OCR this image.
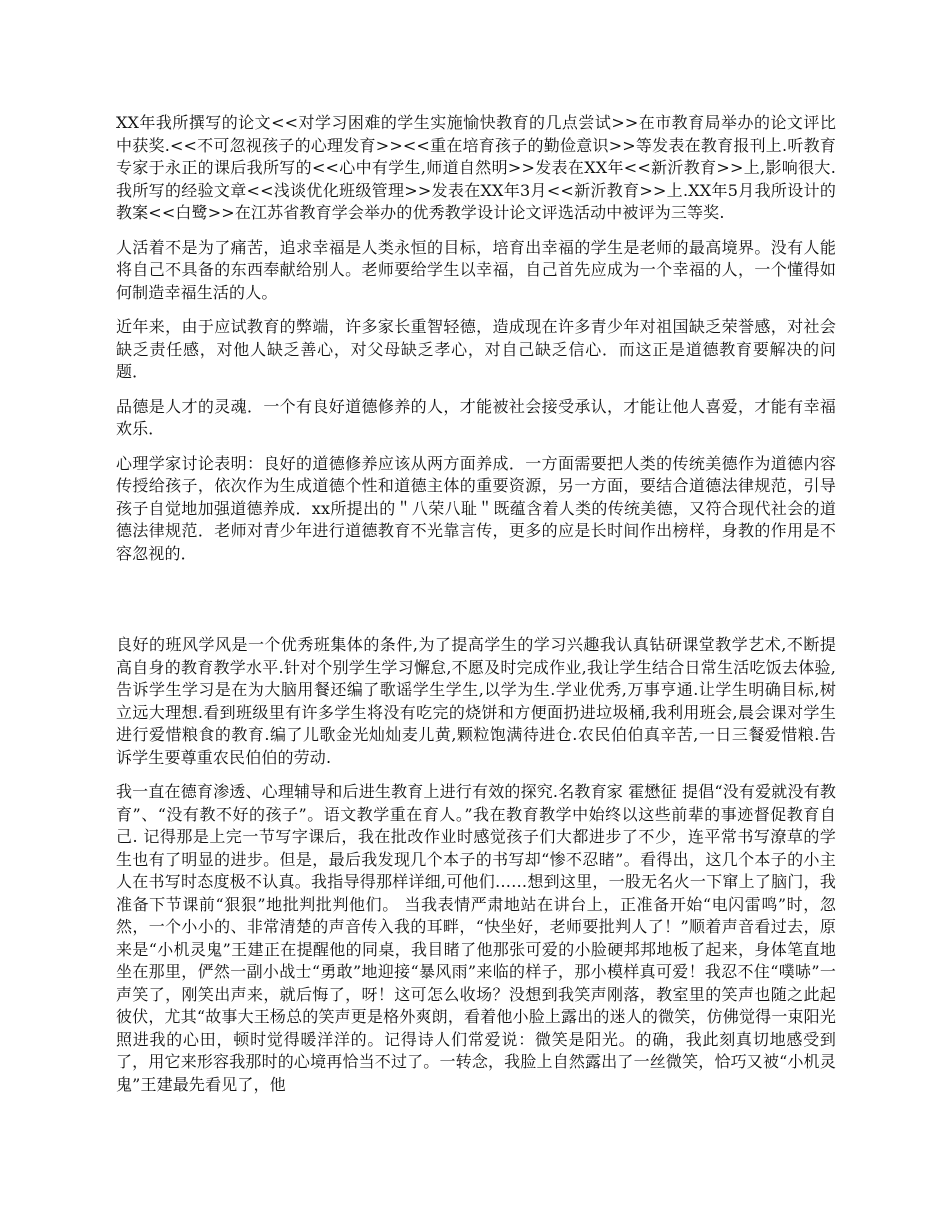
XX年我所撰写的论文<<对学习困难的学生实施愉快教育的几点尝试>>在市教育局举办的论文评比中获奖.<<不可忽视孩子的心理发育>><<重在培育孩子的勤俭意识>>等发表在教育报刊上.听教育专家于永正的课后我所写的<<心中有学生,师道自然明>>发表在XX年<<新沂教育>>上,影响很大.我所写的经验文章<<浅谈优化班级管理>>发表在XX年3月<<新沂教育>>上.XX年5月我所设计的教案<<白鹭>>在江苏省教育学会举办的优秀教学设计论文评选活动中被评为三等奖.

人活着不是为了痛苦，追求幸福是人类永恒的目标，培育出幸福的学生是老师的最高境界。没有人能将自己不具备的东西奉献给别人。老师要给学生以幸福，自己首先应成为一个幸福的人，一个懂得如何制造幸福生活的人。

近年来，由于应试教育的弊端，许多家长重智轻德，造成现在许多青少年对祖国缺乏荣誉感，对社会缺乏责任感，对他人缺乏善心，对父母缺乏孝心，对自己缺乏信心．而这正是道德教育要解决的问题．

品德是人才的灵魂．一个有良好道德修养的人，才能被社会接受承认，才能让他人喜爱，才能有幸福欢乐．

心理学家讨论表明：良好的道德修养应该从两方面养成．一方面需要把人类的传统美德作为道德内容传授给孩子，依次作为生成道德个性和道德主体的重要资源，另一方面，要结合道德法律规范，引导孩子自觉地加强道德养成．xx所提出的＂八荣八耻＂既蕴含着人类的传统美德，又符合现代社会的道德法律规范．老师对青少年进行道德教育不光靠言传，更多的应是长时间作出榜样，身教的作用是不容忽视的．

良好的班风学风是一个优秀班集体的条件,为了提高学生的学习兴趣我认真钻研课堂教学艺术,不断提高自身的教育教学水平.针对个别学生学习懈怠,不愿及时完成作业,我让学生结合日常生活吃饭去体验,告诉学生学习是在为大脑用餐还编了歌谣学生学生,以学为生.学业优秀,万事亨通.让学生明确目标,树立远大理想.看到班级里有许多学生将没有吃完的烧饼和方便面扔进垃圾桶,我利用班会,晨会课对学生进行爱惜粮食的教育.编了儿歌金光灿灿麦儿黄,颗粒饱满待进仓.农民伯伯真辛苦,一日三餐爱惜粮.告诉学生要尊重农民伯伯的劳动.

我一直在德育渗透、心理辅导和后进生教育上进行有效的探究.名教育家 霍懋征 提倡“没有爱就没有教育”、“没有教不好的孩子”。语文教学重在育人。”我在教育教学中始终以这些前辈的事迹督促教育自己. 记得那是上完一节写字课后，我在批改作业时感觉孩子们大都进步了不少，连平常书写潦草的学生也有了明显的进步。但是，最后我发现几个本子的书写却“惨不忍睹”。看得出，这几个本子的小主人在书写时态度极不认真。我指导得那样详细,可他们……想到这里，一股无名火一下窜上了脑门，我准备下节课前“狠狠”地批判批判他们。 当我表情严肃地站在讲台上，正准备开始“电闪雷鸣”时，忽然，一个小小的、非常清楚的声音传入我的耳畔，“快坐好，老师要批判人了！”顺着声音看过去，原来是“小机灵鬼”王建正在提醒他的同桌，我目睹了他那张可爱的小脸硬邦邦地板了起来，身体笔直地坐在那里，俨然一副小战士“勇敢”地迎接“暴风雨”来临的样子，那小模样真可爱！我忍不住“噗哧”一声笑了，刚笑出声来，就后悔了，呀！这可怎么收场？没想到我笑声刚落，教室里的笑声也随之此起彼伏，尤其“故事大王杨总的笑声更是格外爽朗，看着他小脸上露出的迷人的微笑，仿佛觉得一束阳光照进我的心田，顿时觉得暖洋洋的。记得诗人们常爱说：微笑是阳光。的确，我此刻真切地感受到了，用它来形容我那时的心境再恰当不过了。一转念，我脸上自然露出了一丝微笑，恰巧又被“小机灵鬼”王建最先看见了，他
